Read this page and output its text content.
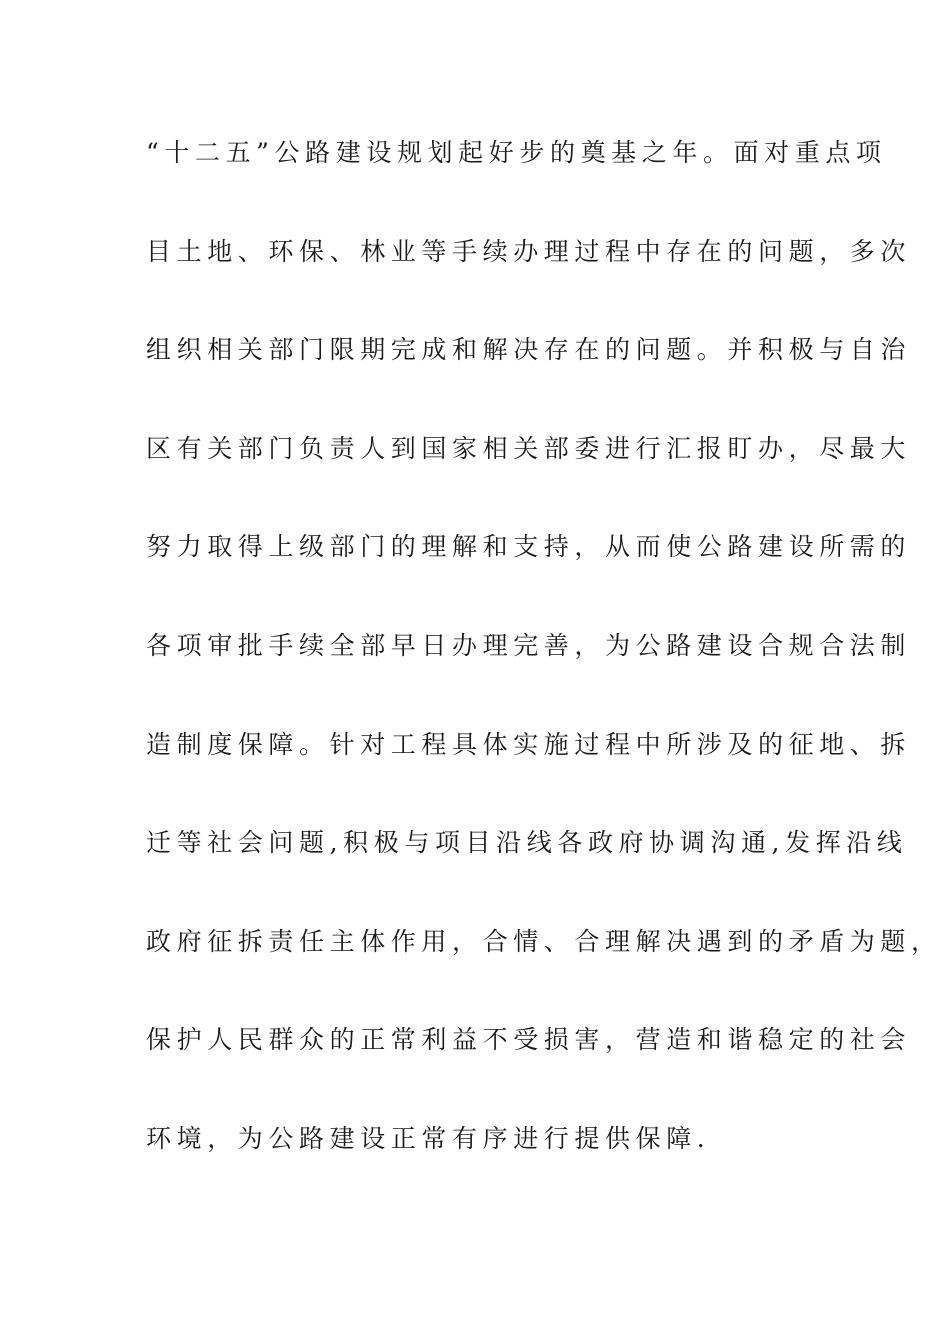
“十二五”公路建设规划起好步的奠基之年。面对重点项
目土地、环保、林业等手续办理过程中存在的问题，多次
组织相关部门限期完成和解决存在的问题。并积极与自治
区有关部门负责人到国家相关部委进行汇报盯办，尽最大
努力取得上级部门的理解和支持，从而使公路建设所需的
各项审批手续全部早日办理完善，为公路建设合规合法制
造制度保障。针对工程具体实施过程中所涉及的征地、拆
迁等社会问题,积极与项目沿线各政府协调沟通,发挥沿线
政府征拆责任主体作用，合情、合理解决遇到的矛盾为题，
保护人民群众的正常利益不受损害，营造和谐稳定的社会
环境，为公路建设正常有序进行提供保障.
